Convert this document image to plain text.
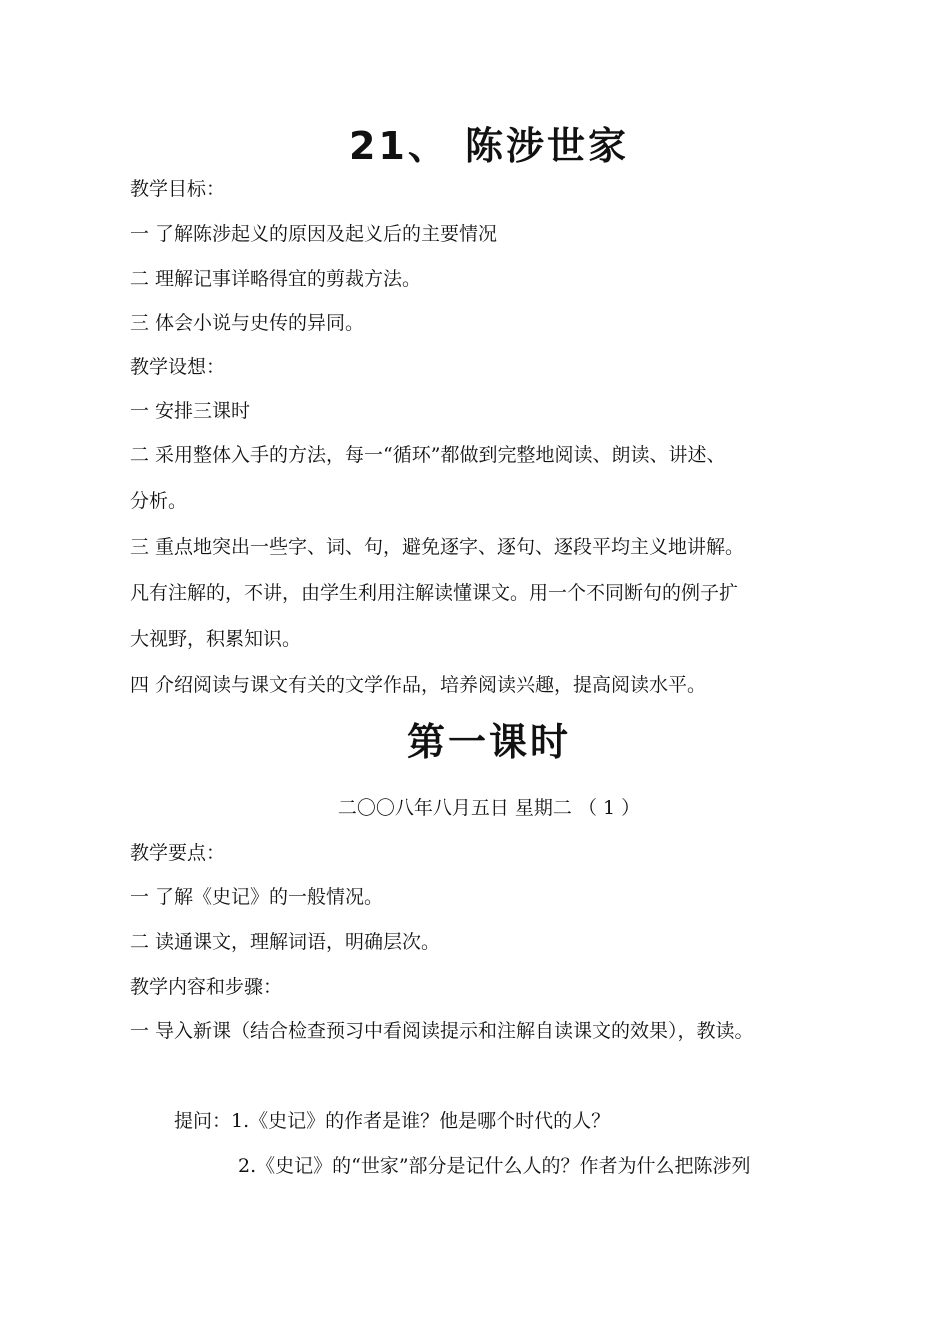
21、 陈涉世家
教学目标：
一 了解陈涉起义的原因及起义后的主要情况
二 理解记事详略得宜的剪裁方法。
三 体会小说与史传的异同。
教学设想：
一 安排三课时
二 采用整体入手的方法，每一“循环”都做到完整地阅读、朗读、讲述、
分析。
三 重点地突出一些字、词、句，避免逐字、逐句、逐段平均主义地讲解。
凡有注解的，不讲，由学生利用注解读懂课文。用一个不同断句的例子扩
大视野，积累知识。
四 介绍阅读与课文有关的文学作品，培养阅读兴趣，提高阅读水平。
第一课时
二〇〇八年八月五日 星期二 （ 1 ）
教学要点：
一 了解《史记》的一般情况。
二 读通课文，理解词语，明确层次。
教学内容和步骤：
一 导入新课（结合检查预习中看阅读提示和注解自读课文的效果），教读。
提问：1.《史记》的作者是谁？他是哪个时代的人？
2.《史记》的“世家”部分是记什么人的？作者为什么把陈涉列
